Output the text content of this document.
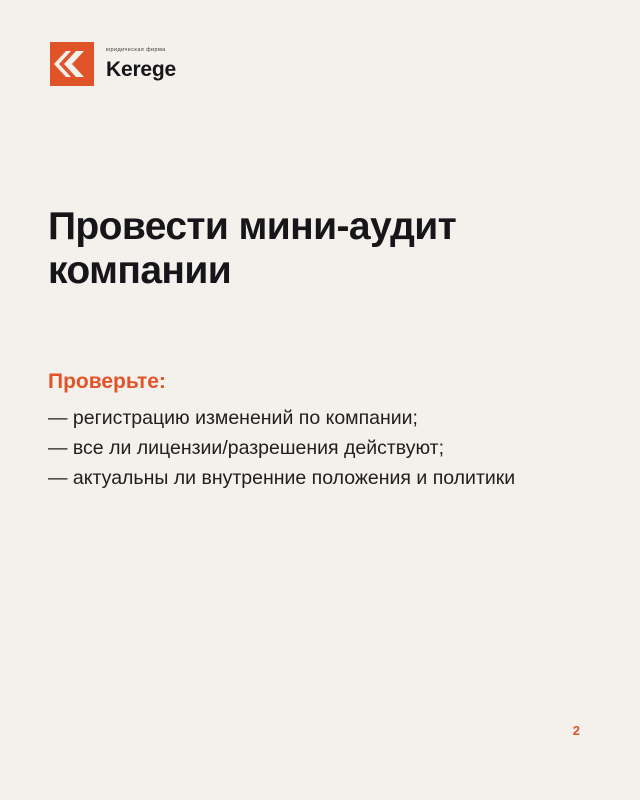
юридическая фирма
Kerege
Провести мини-аудит компании

Проверьте:

— регистрацию изменений по компании;
— все ли лицензии/разрешения действуют;
— актуальны ли внутренние положения и политики
2
